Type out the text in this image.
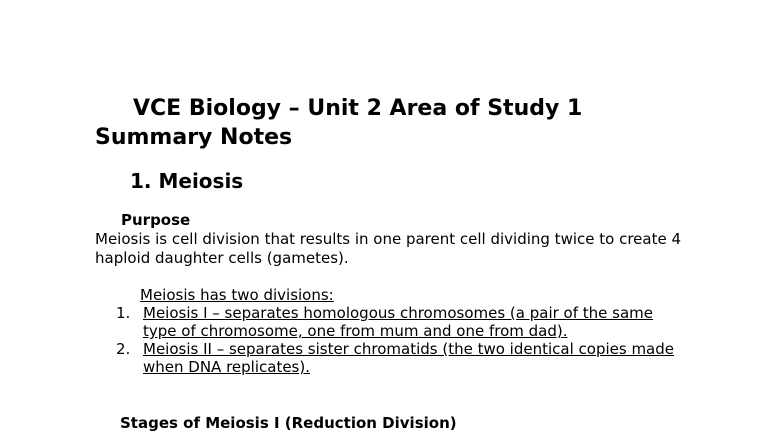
VCE Biology – Unit 2 Area of Study 1
Summary Notes
1. Meiosis
Purpose

Meiosis is cell division that results in one parent cell dividing twice to create 4 haploid daughter cells (gametes).

Meiosis has two divisions:

1. Meiosis I – separates homologous chromosomes (a pair of the same type of chromosome, one from mum and one from dad).
2. Meiosis II – separates sister chromatids (the two identical copies made when DNA replicates).
Stages of Meiosis I (Reduction Division)
